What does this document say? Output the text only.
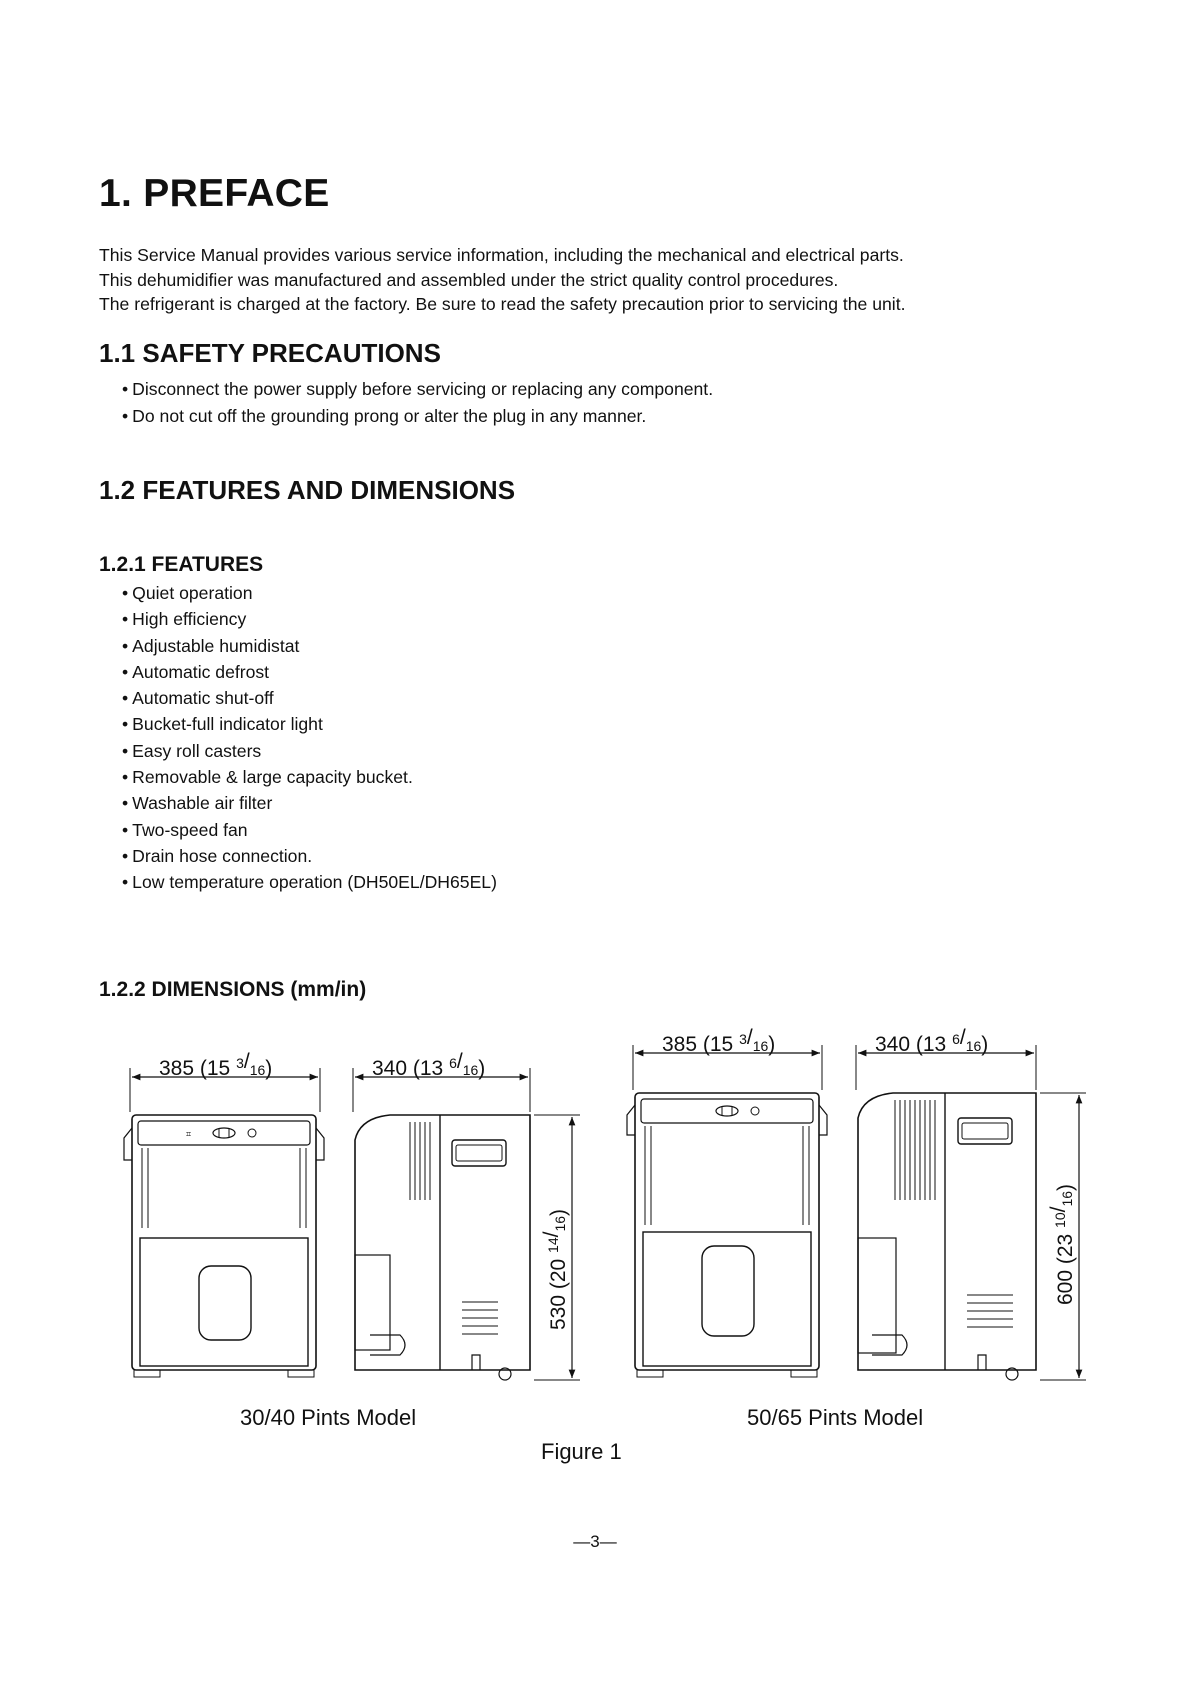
1. PREFACE
This Service Manual provides various service information, including the mechanical and electrical parts.
This dehumidifier was manufactured and assembled under the strict quality control procedures.
The refrigerant is charged at the factory. Be sure to read the safety precaution prior to servicing the unit.
1.1 SAFETY PRECAUTIONS
• Disconnect the power supply before servicing or replacing any component.
• Do not cut off the grounding prong or alter the plug in any manner.
1.2 FEATURES AND DIMENSIONS
1.2.1 FEATURES
• Quiet operation
• High efficiency
• Adjustable humidistat
• Automatic defrost
• Automatic shut-off
• Bucket-full indicator light
• Easy roll casters
• Removable & large capacity bucket.
• Washable air filter
• Two-speed fan
• Drain hose connection.
• Low temperature operation (DH50EL/DH65EL)
1.2.2 DIMENSIONS (mm/in)
⌗
385 (15 $^3/_{16}$)	340 (13 $^6/_{16}$)
530 (20 $^{14}/_{16}$)
385 (15 $^3/_{16}$)	340 (13 $^6/_{16}$)
600 (23 $^{10}/_{16}$)
30/40 Pints Model	50/65 Pints Model
Figure 1
—3—
